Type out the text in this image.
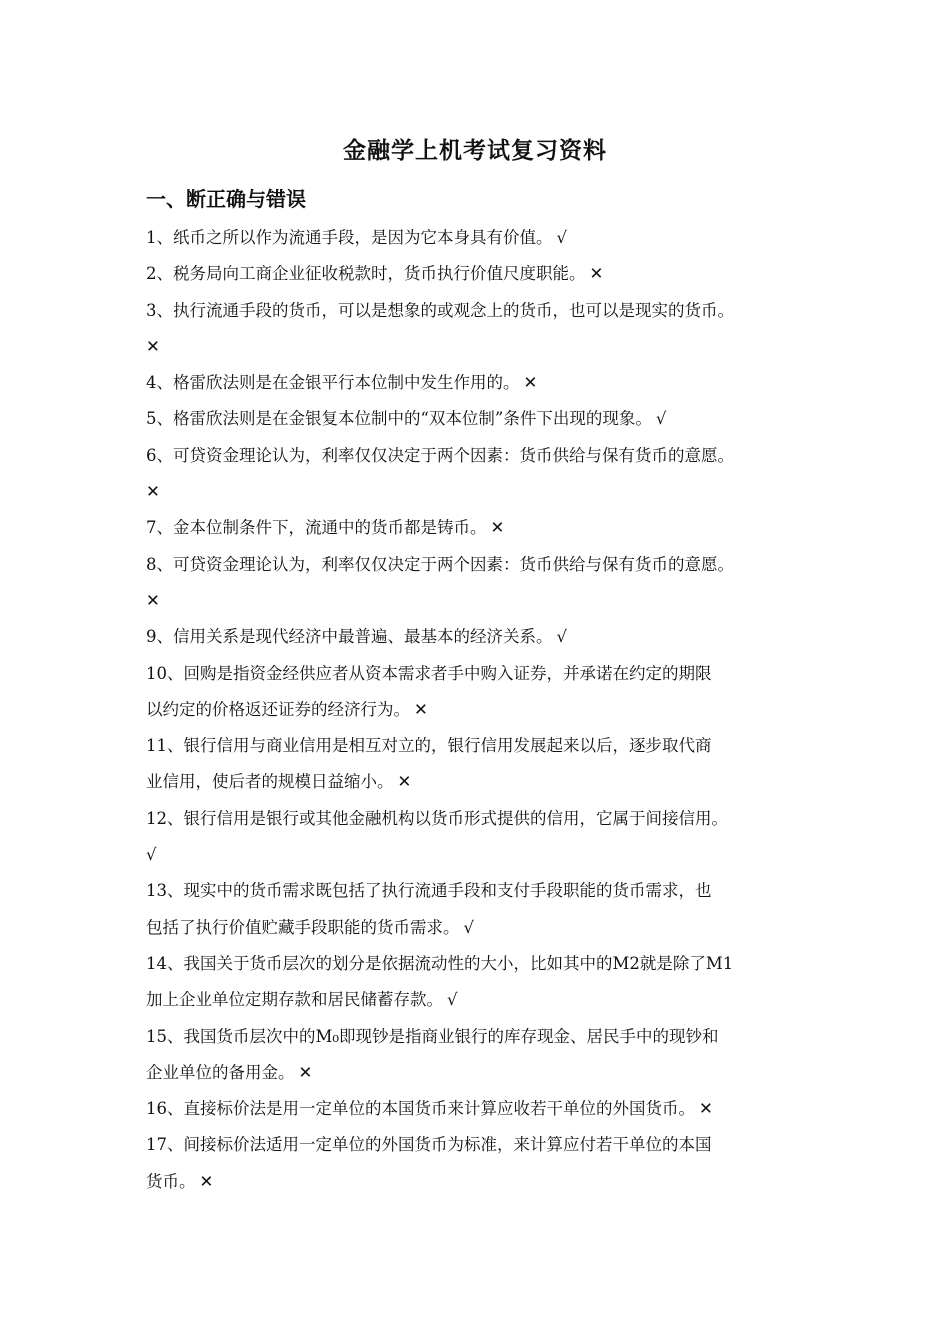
金融学上机考试复习资料
一、断正确与错误
1、纸币之所以作为流通手段，是因为它本身具有价值。 √
2、税务局向工商企业征收税款时，货币执行价值尺度职能。 ✕
3、执行流通手段的货币，可以是想象的或观念上的货币，也可以是现实的货币。
✕
4、格雷欣法则是在金银平行本位制中发生作用的。 ✕
5、格雷欣法则是在金银复本位制中的“双本位制”条件下出现的现象。 √
6、可贷资金理论认为，利率仅仅决定于两个因素：货币供给与保有货币的意愿。
✕
7、金本位制条件下，流通中的货币都是铸币。 ✕
8、可贷资金理论认为，利率仅仅决定于两个因素：货币供给与保有货币的意愿。
✕
9、信用关系是现代经济中最普遍、最基本的经济关系。 √
10、回购是指资金经供应者从资本需求者手中购入证券，并承诺在约定的期限
以约定的价格返还证券的经济行为。 ✕
11、银行信用与商业信用是相互对立的，银行信用发展起来以后，逐步取代商
业信用，使后者的规模日益缩小。 ✕
12、银行信用是银行或其他金融机构以货币形式提供的信用，它属于间接信用。
√
13、现实中的货币需求既包括了执行流通手段和支付手段职能的货币需求，也
包括了执行价值贮藏手段职能的货币需求。 √
14、我国关于货币层次的划分是依据流动性的大小，比如其中的M2就是除了M1
加上企业单位定期存款和居民储蓄存款。 √
15、我国货币层次中的M₀即现钞是指商业银行的库存现金、居民手中的现钞和
企业单位的备用金。 ✕
16、直接标价法是用一定单位的本国货币来计算应收若干单位的外国货币。 ✕
17、间接标价法适用一定单位的外国货币为标准，来计算应付若干单位的本国
货币。 ✕
